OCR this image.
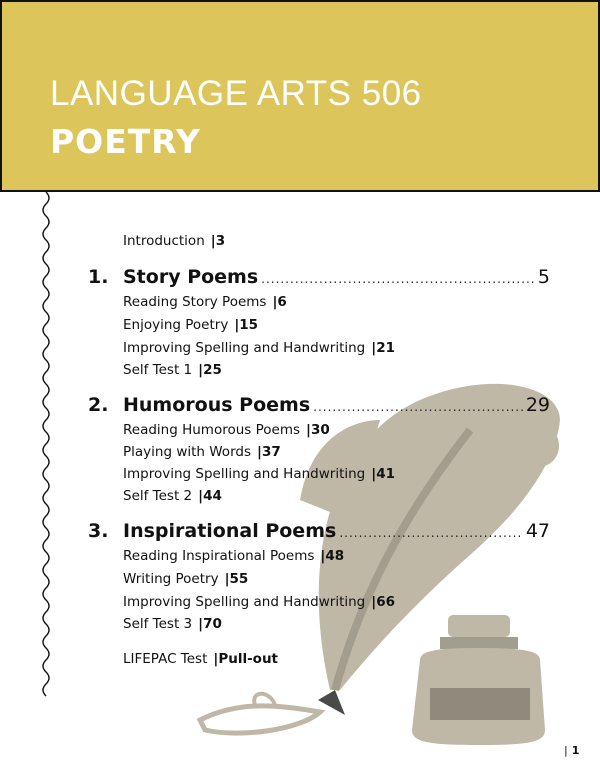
LANGUAGE ARTS 506
POETRY
Introduction | 3
1. Story Poems .....	5
Reading Story Poems | 6
Enjoying Poetry | 15
Improving Spelling and Handwriting | 21
Self Test 1 | 25
2. Humorous Poems .....	29
Reading Humorous Poems | 30
Playing with Words | 37
Improving Spelling and Handwriting | 41
Self Test 2 | 44
3. Inspirational Poems .....	47
Reading Inspirational Poems | 48
Writing Poetry | 55
Improving Spelling and Handwriting | 66
Self Test 3 | 70
LIFEPAC Test | Pull-out
| 1
